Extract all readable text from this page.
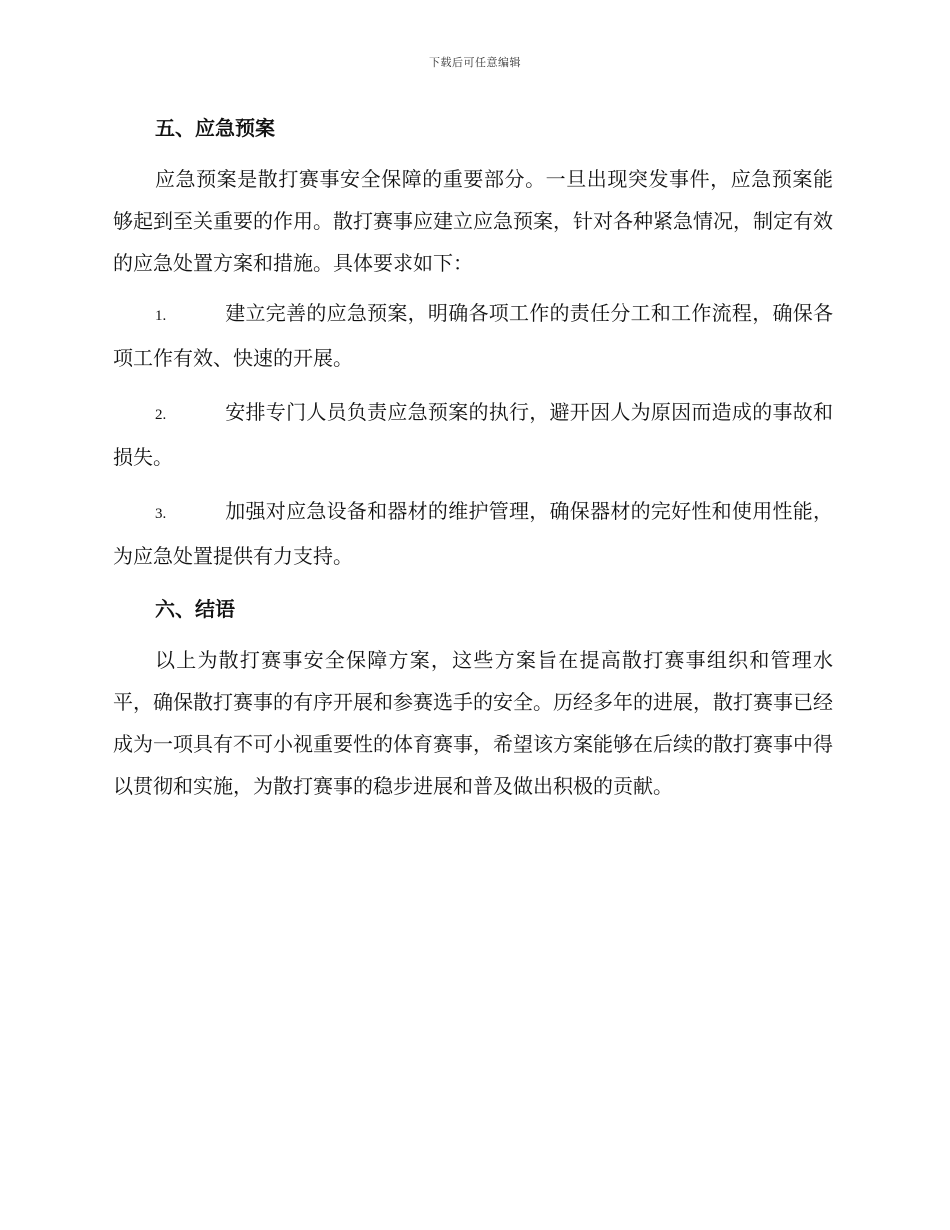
下载后可任意编辑
五、应急预案

应急预案是散打赛事安全保障的重要部分。一旦出现突发事件，应急预案能够起到至关重要的作用。散打赛事应建立应急预案，针对各种紧急情况，制定有效的应急处置方案和措施。具体要求如下：

1.	建立完善的应急预案，明确各项工作的责任分工和工作流程，确保各项工作有效、快速的开展。

2.	安排专门人员负责应急预案的执行，避开因人为原因而造成的事故和损失。

3.	加强对应急设备和器材的维护管理，确保器材的完好性和使用性能，为应急处置提供有力支持。

六、结语

以上为散打赛事安全保障方案，这些方案旨在提高散打赛事组织和管理水平，确保散打赛事的有序开展和参赛选手的安全。历经多年的进展，散打赛事已经成为一项具有不可小视重要性的体育赛事，希望该方案能够在后续的散打赛事中得以贯彻和实施，为散打赛事的稳步进展和普及做出积极的贡献。
